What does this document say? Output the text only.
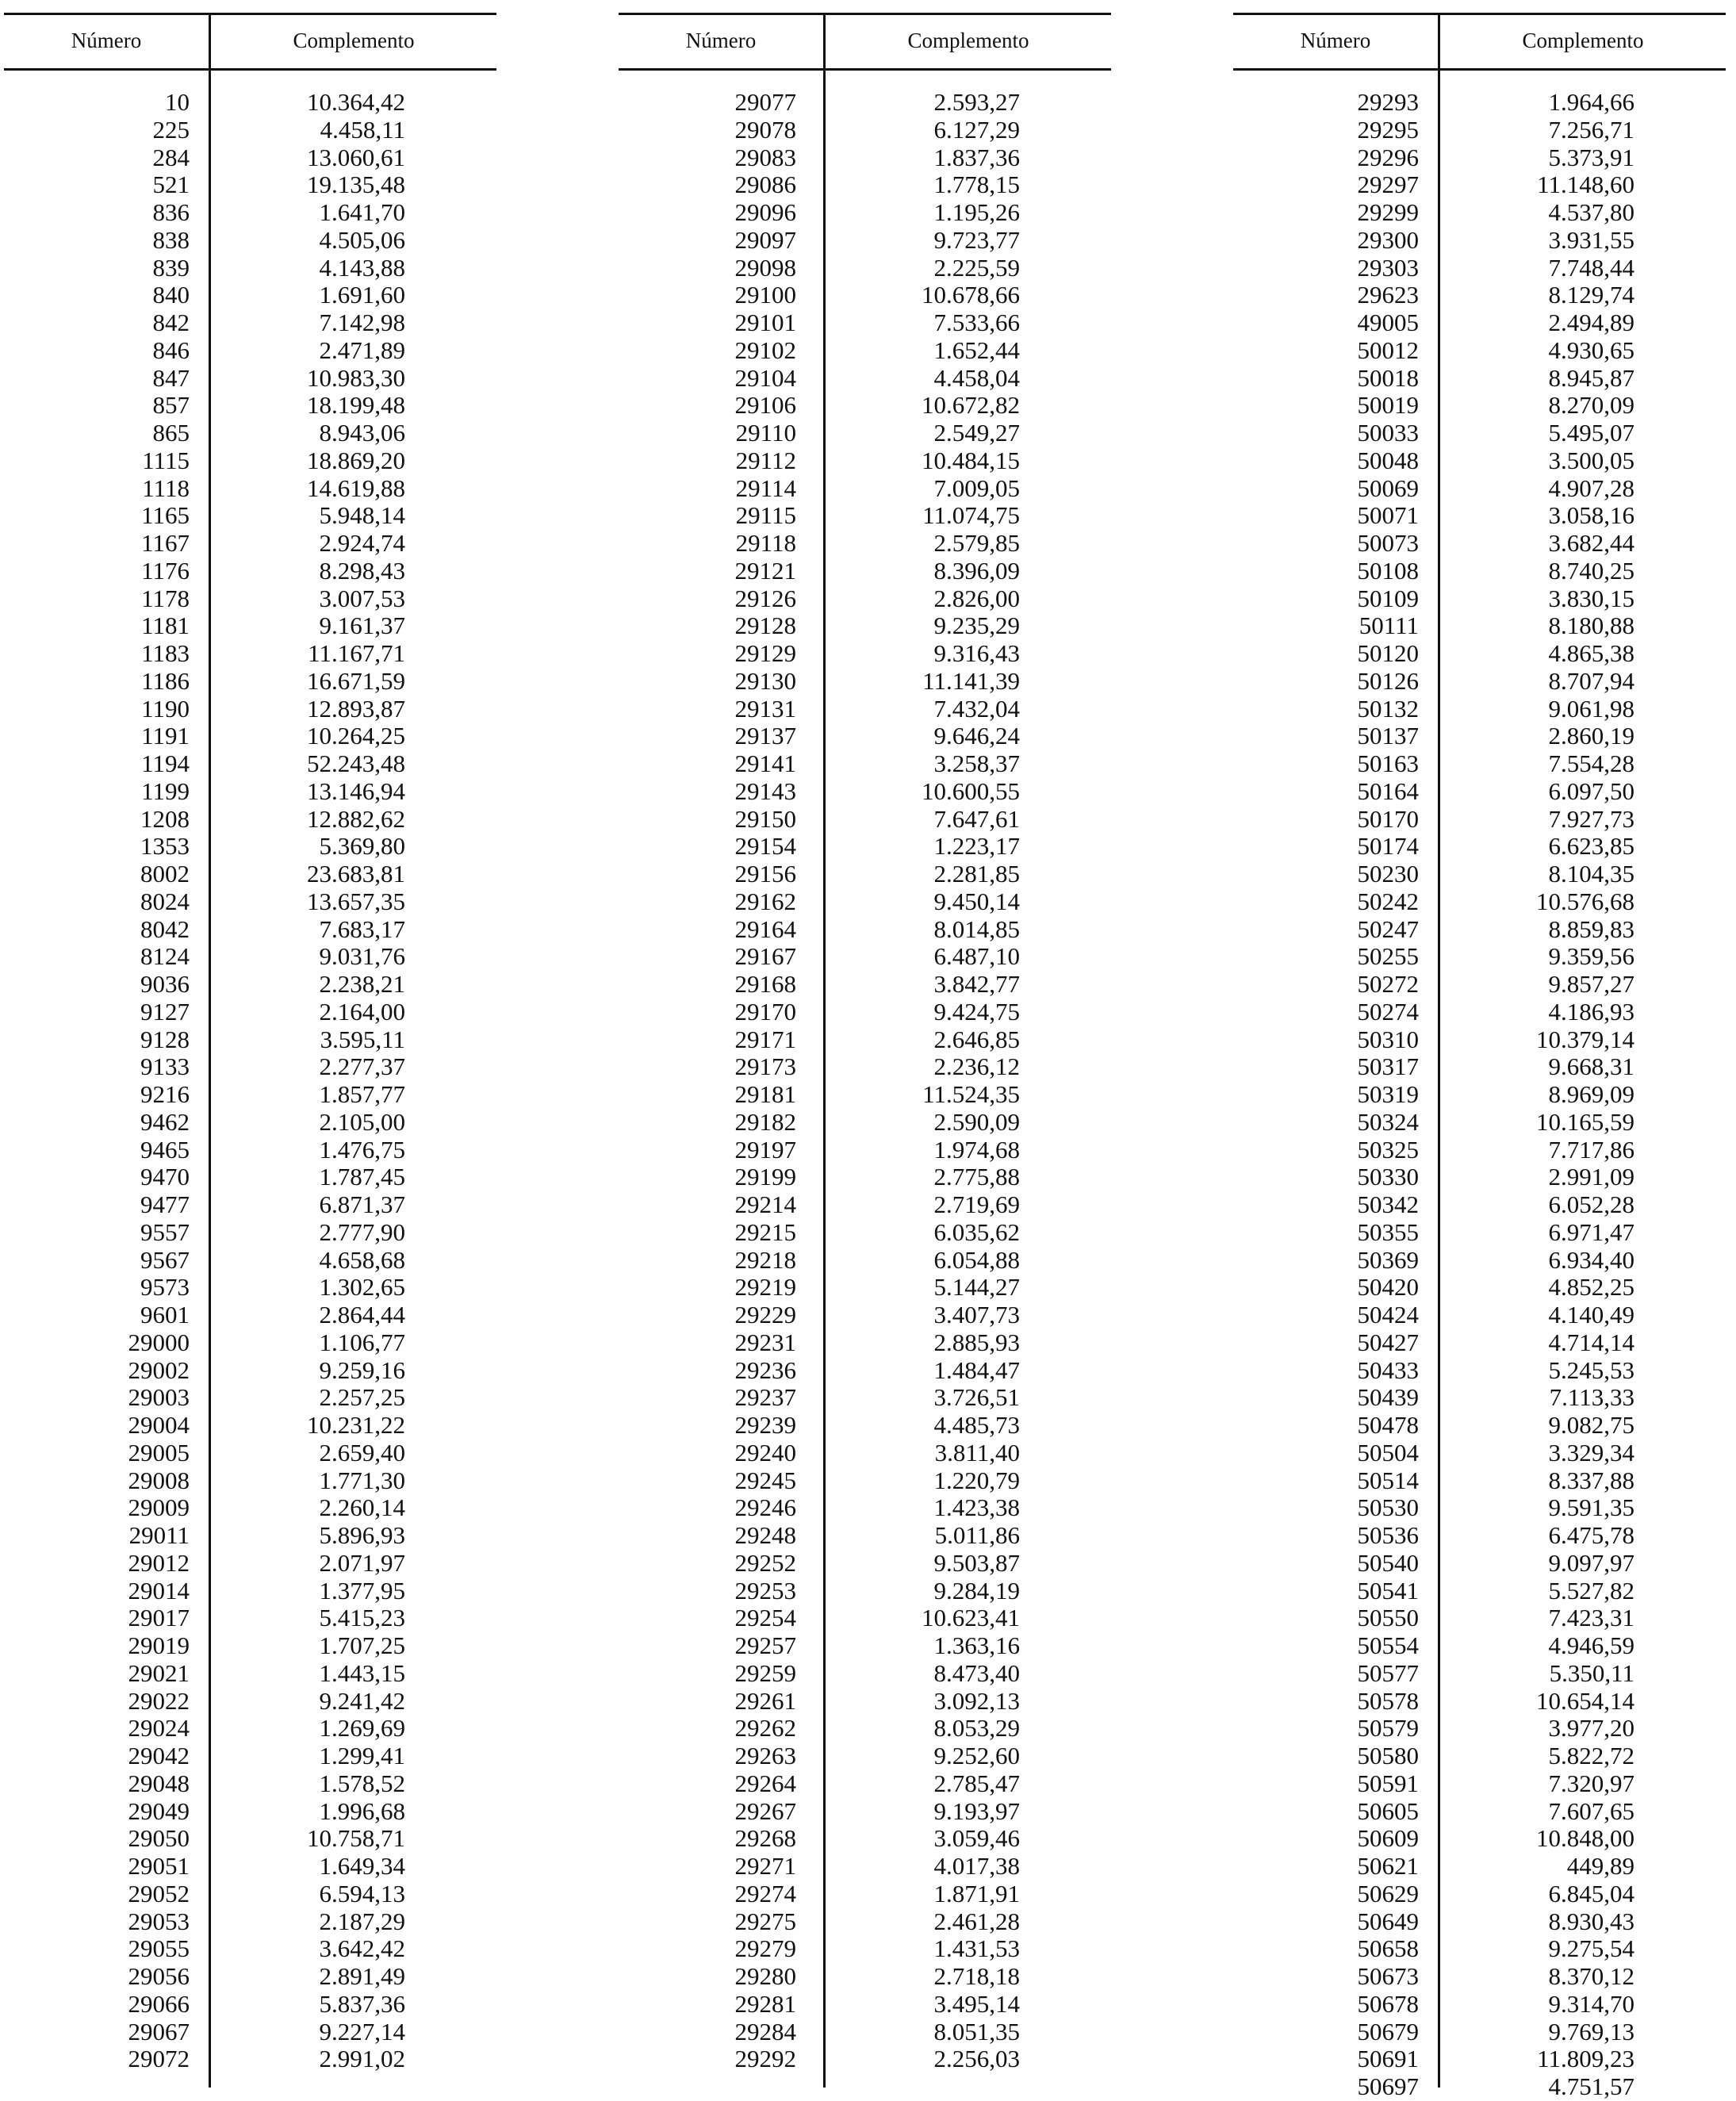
Número	Complemento
10	10.364,42
225	4.458,11
284	13.060,61
521	19.135,48
836	1.641,70
838	4.505,06
839	4.143,88
840	1.691,60
842	7.142,98
846	2.471,89
847	10.983,30
857	18.199,48
865	8.943,06
1115	18.869,20
1118	14.619,88
1165	5.948,14
1167	2.924,74
1176	8.298,43
1178	3.007,53
1181	9.161,37
1183	11.167,71
1186	16.671,59
1190	12.893,87
1191	10.264,25
1194	52.243,48
1199	13.146,94
1208	12.882,62
1353	5.369,80
8002	23.683,81
8024	13.657,35
8042	7.683,17
8124	9.031,76
9036	2.238,21
9127	2.164,00
9128	3.595,11
9133	2.277,37
9216	1.857,77
9462	2.105,00
9465	1.476,75
9470	1.787,45
9477	6.871,37
9557	2.777,90
9567	4.658,68
9573	1.302,65
9601	2.864,44
29000	1.106,77
29002	9.259,16
29003	2.257,25
29004	10.231,22
29005	2.659,40
29008	1.771,30
29009	2.260,14
29011	5.896,93
29012	2.071,97
29014	1.377,95
29017	5.415,23
29019	1.707,25
29021	1.443,15
29022	9.241,42
29024	1.269,69
29042	1.299,41
29048	1.578,52
29049	1.996,68
29050	10.758,71
29051	1.649,34
29052	6.594,13
29053	2.187,29
29055	3.642,42
29056	2.891,49
29066	5.837,36
29067	9.227,14
29072	2.991,02
Número	Complemento
29077	2.593,27
29078	6.127,29
29083	1.837,36
29086	1.778,15
29096	1.195,26
29097	9.723,77
29098	2.225,59
29100	10.678,66
29101	7.533,66
29102	1.652,44
29104	4.458,04
29106	10.672,82
29110	2.549,27
29112	10.484,15
29114	7.009,05
29115	11.074,75
29118	2.579,85
29121	8.396,09
29126	2.826,00
29128	9.235,29
29129	9.316,43
29130	11.141,39
29131	7.432,04
29137	9.646,24
29141	3.258,37
29143	10.600,55
29150	7.647,61
29154	1.223,17
29156	2.281,85
29162	9.450,14
29164	8.014,85
29167	6.487,10
29168	3.842,77
29170	9.424,75
29171	2.646,85
29173	2.236,12
29181	11.524,35
29182	2.590,09
29197	1.974,68
29199	2.775,88
29214	2.719,69
29215	6.035,62
29218	6.054,88
29219	5.144,27
29229	3.407,73
29231	2.885,93
29236	1.484,47
29237	3.726,51
29239	4.485,73
29240	3.811,40
29245	1.220,79
29246	1.423,38
29248	5.011,86
29252	9.503,87
29253	9.284,19
29254	10.623,41
29257	1.363,16
29259	8.473,40
29261	3.092,13
29262	8.053,29
29263	9.252,60
29264	2.785,47
29267	9.193,97
29268	3.059,46
29271	4.017,38
29274	1.871,91
29275	2.461,28
29279	1.431,53
29280	2.718,18
29281	3.495,14
29284	8.051,35
29292	2.256,03
Número	Complemento
29293	1.964,66
29295	7.256,71
29296	5.373,91
29297	11.148,60
29299	4.537,80
29300	3.931,55
29303	7.748,44
29623	8.129,74
49005	2.494,89
50012	4.930,65
50018	8.945,87
50019	8.270,09
50033	5.495,07
50048	3.500,05
50069	4.907,28
50071	3.058,16
50073	3.682,44
50108	8.740,25
50109	3.830,15
50111	8.180,88
50120	4.865,38
50126	8.707,94
50132	9.061,98
50137	2.860,19
50163	7.554,28
50164	6.097,50
50170	7.927,73
50174	6.623,85
50230	8.104,35
50242	10.576,68
50247	8.859,83
50255	9.359,56
50272	9.857,27
50274	4.186,93
50310	10.379,14
50317	9.668,31
50319	8.969,09
50324	10.165,59
50325	7.717,86
50330	2.991,09
50342	6.052,28
50355	6.971,47
50369	6.934,40
50420	4.852,25
50424	4.140,49
50427	4.714,14
50433	5.245,53
50439	7.113,33
50478	9.082,75
50504	3.329,34
50514	8.337,88
50530	9.591,35
50536	6.475,78
50540	9.097,97
50541	5.527,82
50550	7.423,31
50554	4.946,59
50577	5.350,11
50578	10.654,14
50579	3.977,20
50580	5.822,72
50591	7.320,97
50605	7.607,65
50609	10.848,00
50621	449,89
50629	6.845,04
50649	8.930,43
50658	9.275,54
50673	8.370,12
50678	9.314,70
50679	9.769,13
50691	11.809,23
50697	4.751,57
